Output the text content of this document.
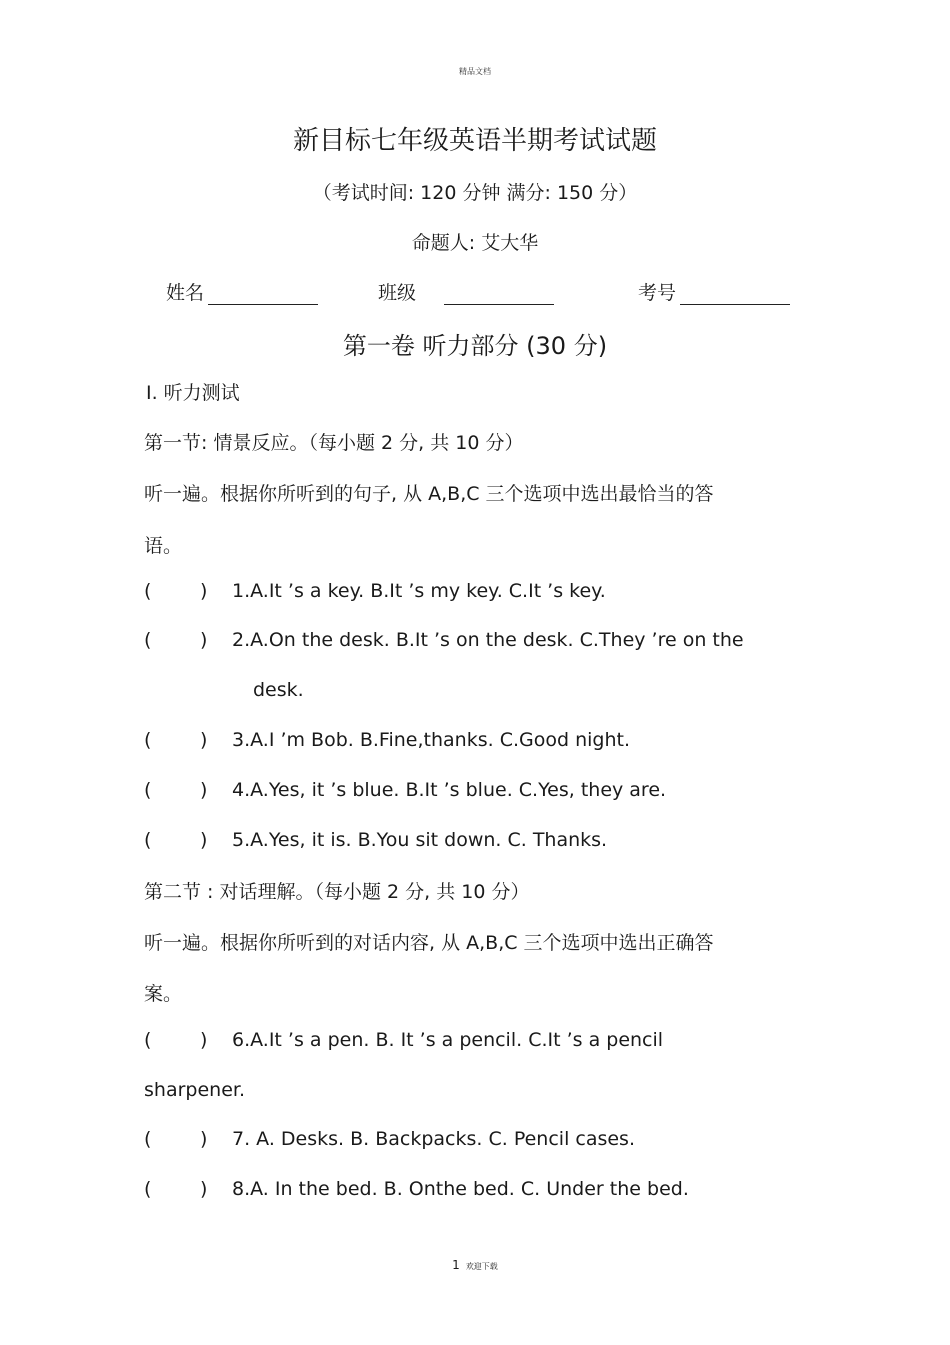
精品文档
新目标七年级英语半期考试试题
（考试时间: 120 分钟 满分: 150 分）
命题人: 艾大华
姓名	班级	考号
第一卷 听力部分 (30 分)
Ⅰ. 听力测试
第一节: 情景反应。（每小题 2 分, 共 10 分）
听一遍。根据你所听到的句子, 从 A,B,C 三个选项中选出最恰当的答
语。
(	) 1.A.It ’s a key. B.It ’s my key. C.It ’s key.
(	) 2.A.On the desk. B.It ’s on the desk. C.They ’re on the
desk.
(	) 3.A.I ’m Bob. B.Fine,thanks. C.Good night.
(	) 4.A.Yes, it ’s blue. B.It ’s blue. C.Yes, they are.
(	) 5.A.Yes, it is. B.You sit down. C. Thanks.
第二节 : 对话理解。（每小题 2 分, 共 10 分）
听一遍。根据你所听到的对话内容, 从 A,B,C 三个选项中选出正确答
案。
(	) 6.A.It ’s a pen. B. It ’s a pencil. C.It ’s a pencil
sharpener.
(	) 7. A. Desks. B. Backpacks. C. Pencil cases.
(	) 8.A. In the bed. B. Onthe bed. C. Under the bed.
1 欢迎下载
